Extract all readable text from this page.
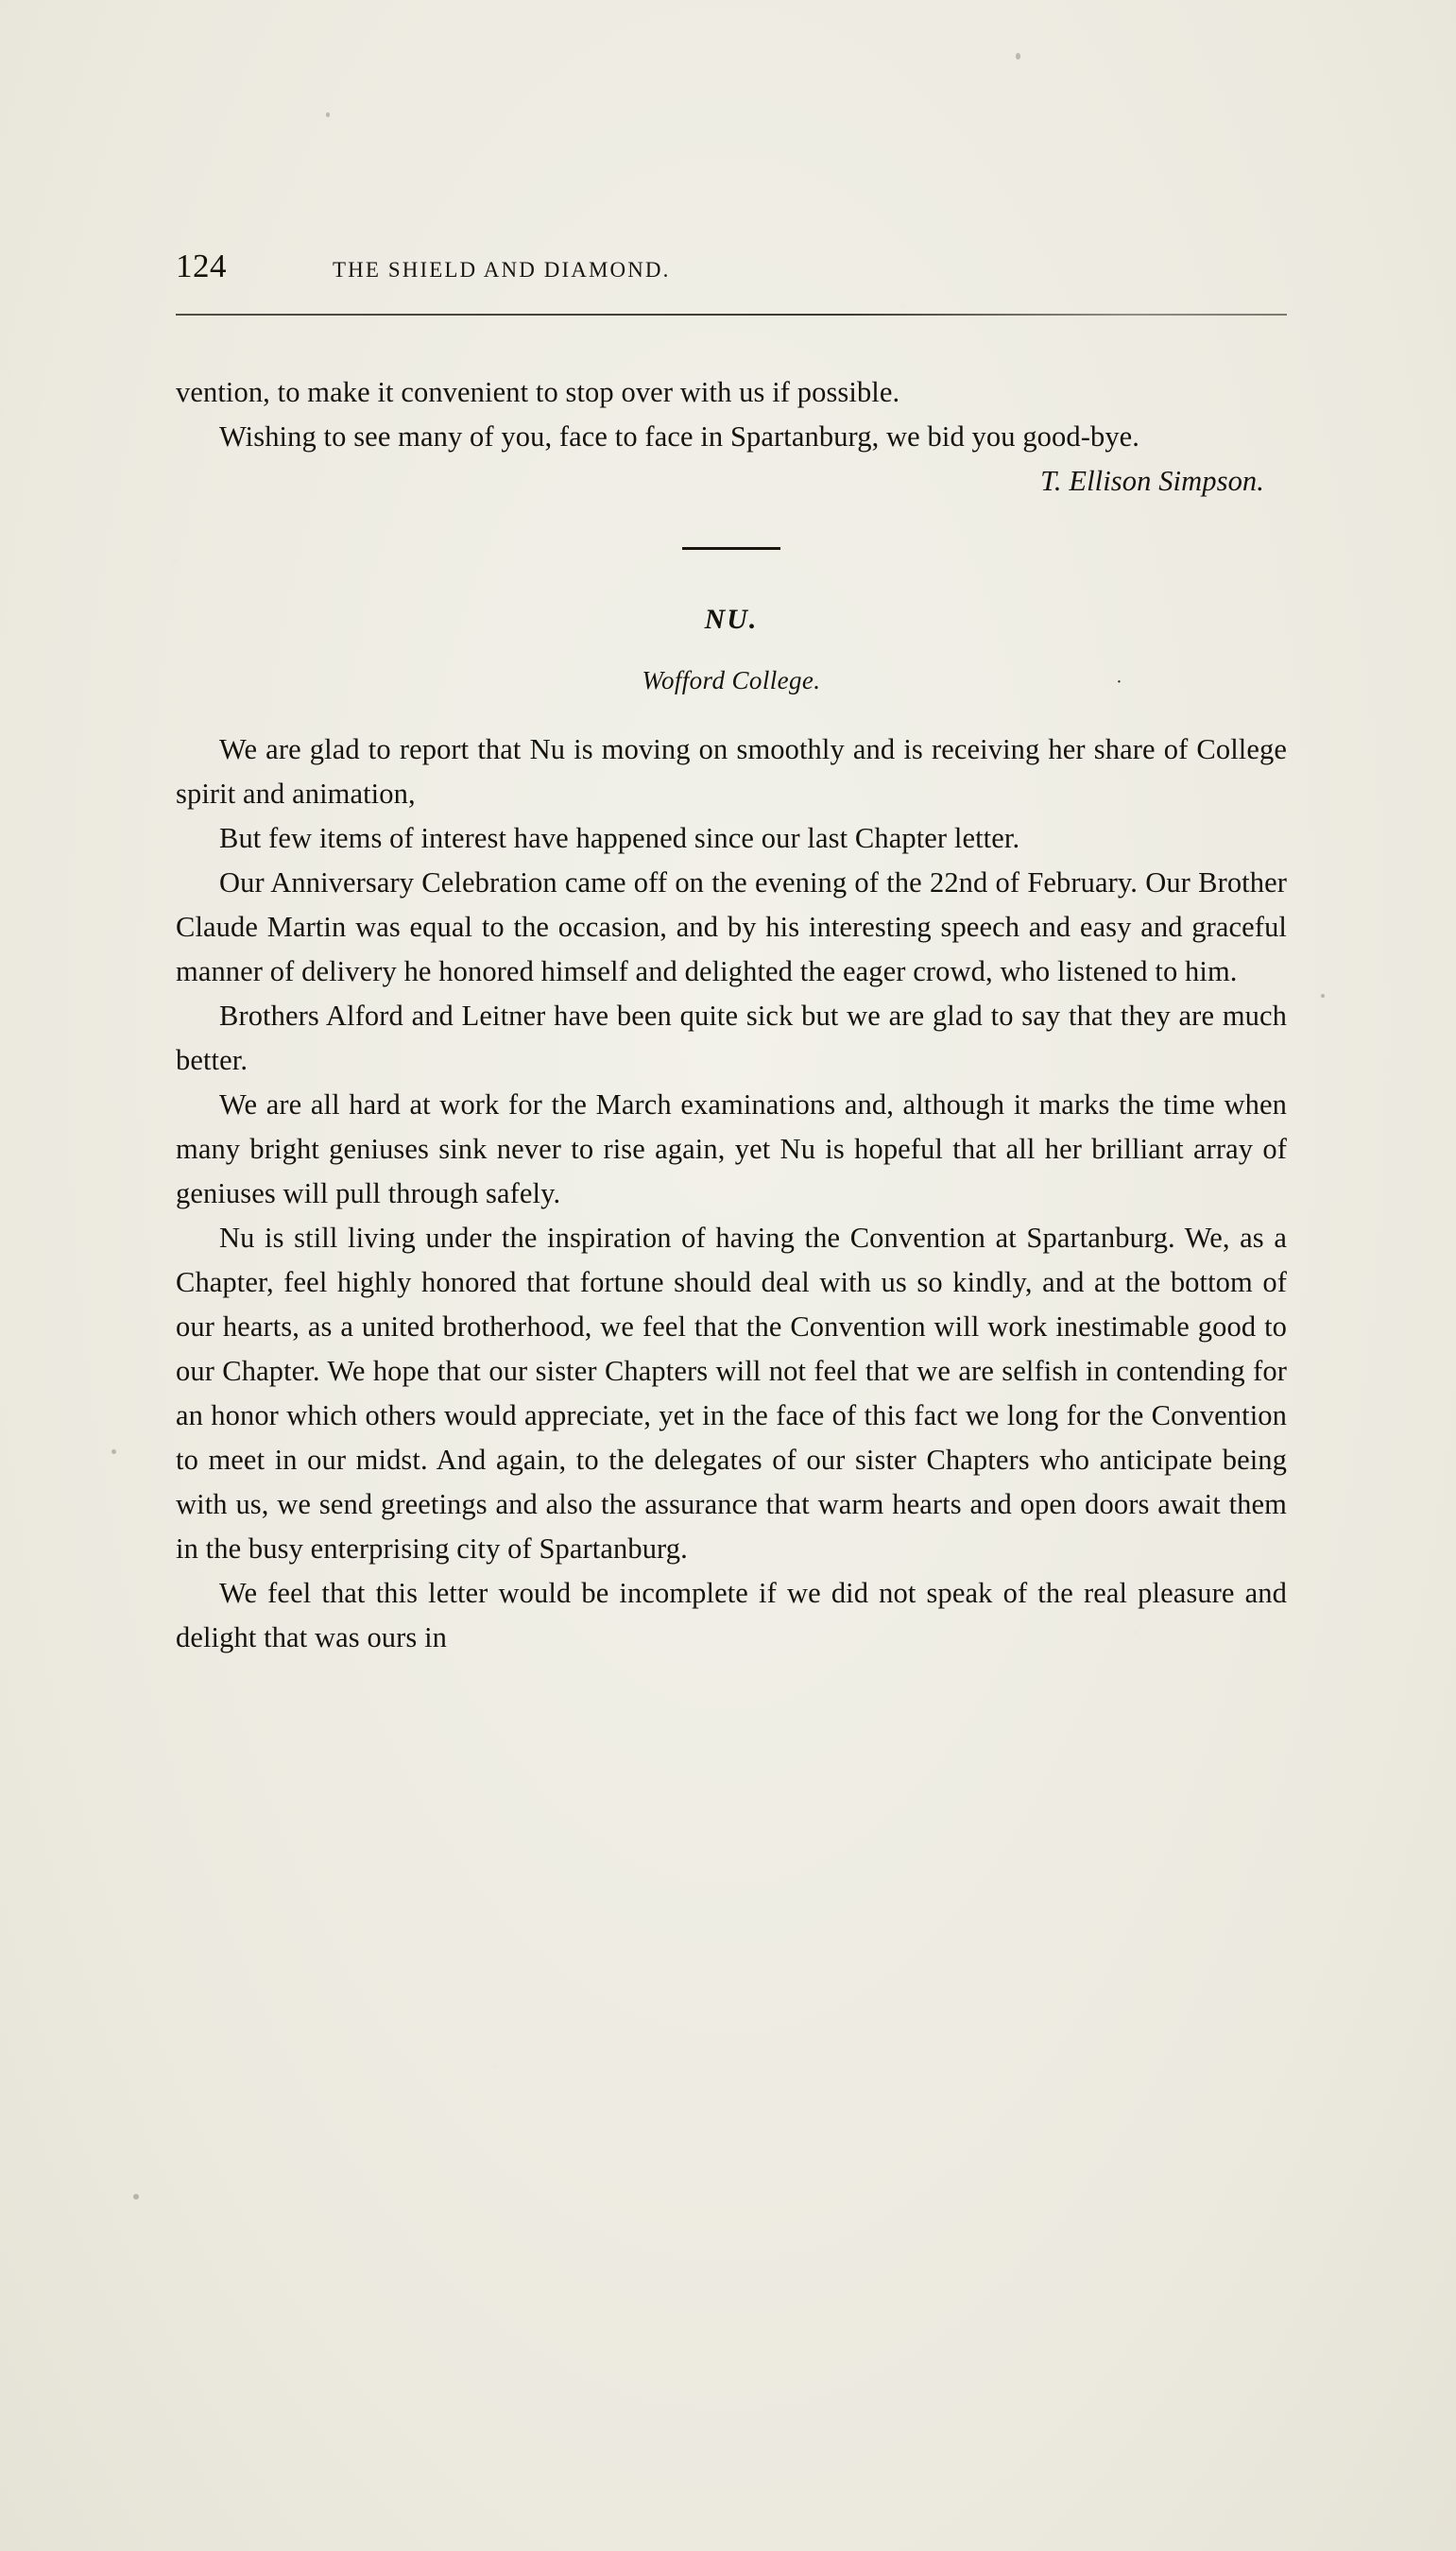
124	THE SHIELD AND DIAMOND.

vention, to make it convenient to stop over with us if possible.

Wishing to see many of you, face to face in Spartanburg, we bid you good-bye.

T. Ellison Simpson.
NU.
Wofford College.	·

We are glad to report that Nu is moving on smoothly and is receiving her share of College spirit and animation,

But few items of interest have happened since our last Chapter letter.

Our Anniversary Celebration came off on the evening of the 22nd of February. Our Brother Claude Martin was equal to the occasion, and by his interesting speech and easy and graceful manner of delivery he honored himself and delighted the eager crowd, who listened to him.

Brothers Alford and Leitner have been quite sick but we are glad to say that they are much better.

We are all hard at work for the March examinations and, although it marks the time when many bright geniuses sink never to rise again, yet Nu is hopeful that all her brilliant array of geniuses will pull through safely.

Nu is still living under the inspiration of having the Convention at Spartanburg. We, as a Chapter, feel highly honored that fortune should deal with us so kindly, and at the bottom of our hearts, as a united brotherhood, we feel that the Convention will work inestimable good to our Chapter. We hope that our sister Chapters will not feel that we are selfish in contending for an honor which others would appreciate, yet in the face of this fact we long for the Convention to meet in our midst. And again, to the delegates of our sister Chapters who anticipate being with us, we send greetings and also the assurance that warm hearts and open doors await them in the busy enterprising city of Spartanburg.

We feel that this letter would be incomplete if we did not speak of the real pleasure and delight that was ours in
